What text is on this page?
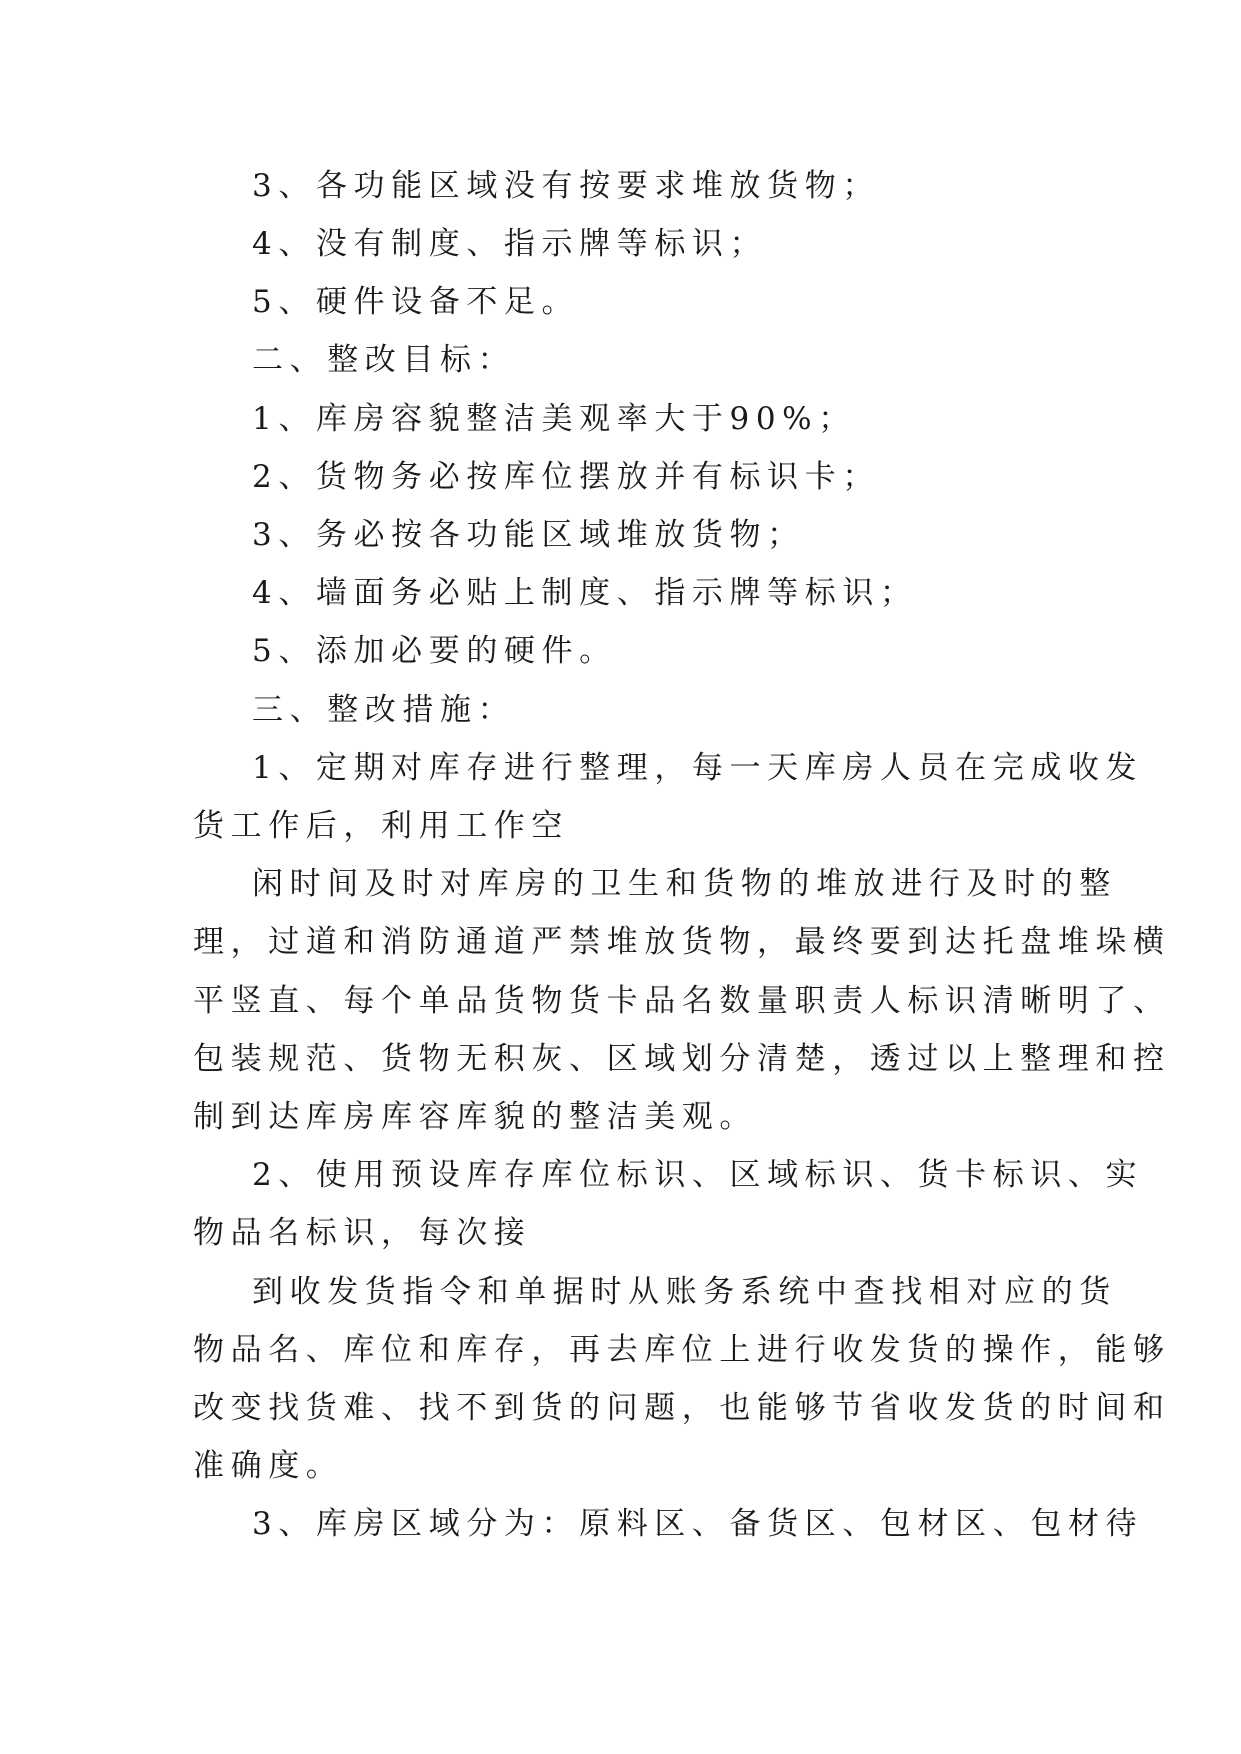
3、各功能区域没有按要求堆放货物；
4、没有制度、指示牌等标识；
5、硬件设备不足。
二、整改目标：
1、库房容貌整洁美观率大于90%；
2、货物务必按库位摆放并有标识卡；
3、务必按各功能区域堆放货物；
4、墙面务必贴上制度、指示牌等标识；
5、添加必要的硬件。
三、整改措施：
1、定期对库存进行整理，每一天库房人员在完成收发
货工作后，利用工作空
闲时间及时对库房的卫生和货物的堆放进行及时的整
理，过道和消防通道严禁堆放货物，最终要到达托盘堆垛横
平竖直、每个单品货物货卡品名数量职责人标识清晰明了、
包装规范、货物无积灰、区域划分清楚，透过以上整理和控
制到达库房库容库貌的整洁美观。
2、使用预设库存库位标识、区域标识、货卡标识、实
物品名标识，每次接
到收发货指令和单据时从账务系统中查找相对应的货
物品名、库位和库存，再去库位上进行收发货的操作，能够
改变找货难、找不到货的问题，也能够节省收发货的时间和
准确度。
3、库房区域分为：原料区、备货区、包材区、包材待
